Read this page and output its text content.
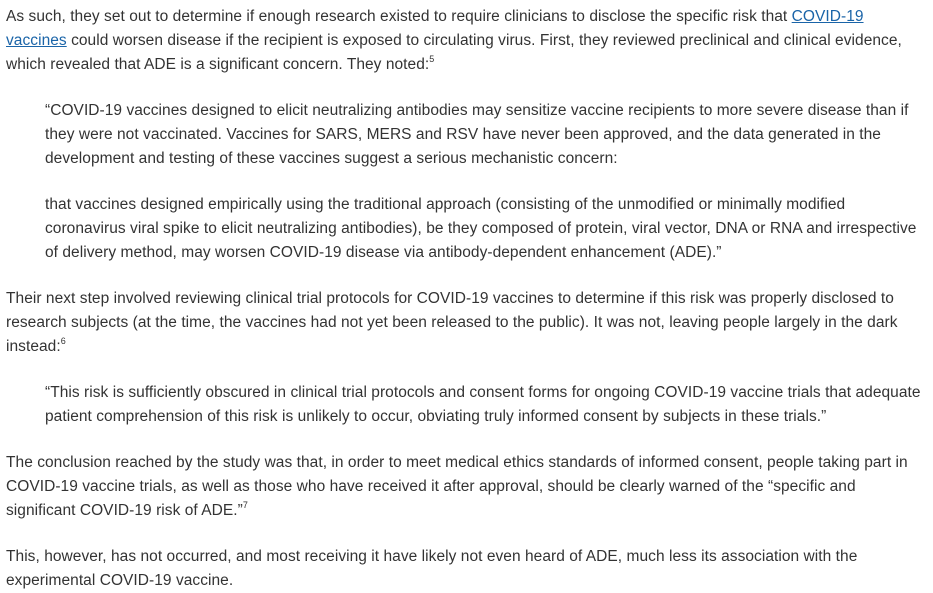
As such, they set out to determine if enough research existed to require clinicians to disclose the specific risk that COVID-19 vaccines could worsen disease if the recipient is exposed to circulating virus. First, they reviewed preclinical and clinical evidence, which revealed that ADE is a significant concern. They noted:$^5$

“COVID-19 vaccines designed to elicit neutralizing antibodies may sensitize vaccine recipients to more severe disease than if they were not vaccinated. Vaccines for SARS, MERS and RSV have never been approved, and the data generated in the development and testing of these vaccines suggest a serious mechanistic concern:

that vaccines designed empirically using the traditional approach (consisting of the unmodified or minimally modified coronavirus viral spike to elicit neutralizing antibodies), be they composed of protein, viral vector, DNA or RNA and irrespective of delivery method, may worsen COVID-19 disease via antibody-dependent enhancement (ADE).”

Their next step involved reviewing clinical trial protocols for COVID-19 vaccines to determine if this risk was properly disclosed to research subjects (at the time, the vaccines had not yet been released to the public). It was not, leaving people largely in the dark instead:$^6$

“This risk is sufficiently obscured in clinical trial protocols and consent forms for ongoing COVID-19 vaccine trials that adequate patient comprehension of this risk is unlikely to occur, obviating truly informed consent by subjects in these trials.”

The conclusion reached by the study was that, in order to meet medical ethics standards of informed consent, people taking part in COVID-19 vaccine trials, as well as those who have received it after approval, should be clearly warned of the “specific and significant COVID-19 risk of ADE.”$^7$

This, however, has not occurred, and most receiving it have likely not even heard of ADE, much less its association with the experimental COVID-19 vaccine.
